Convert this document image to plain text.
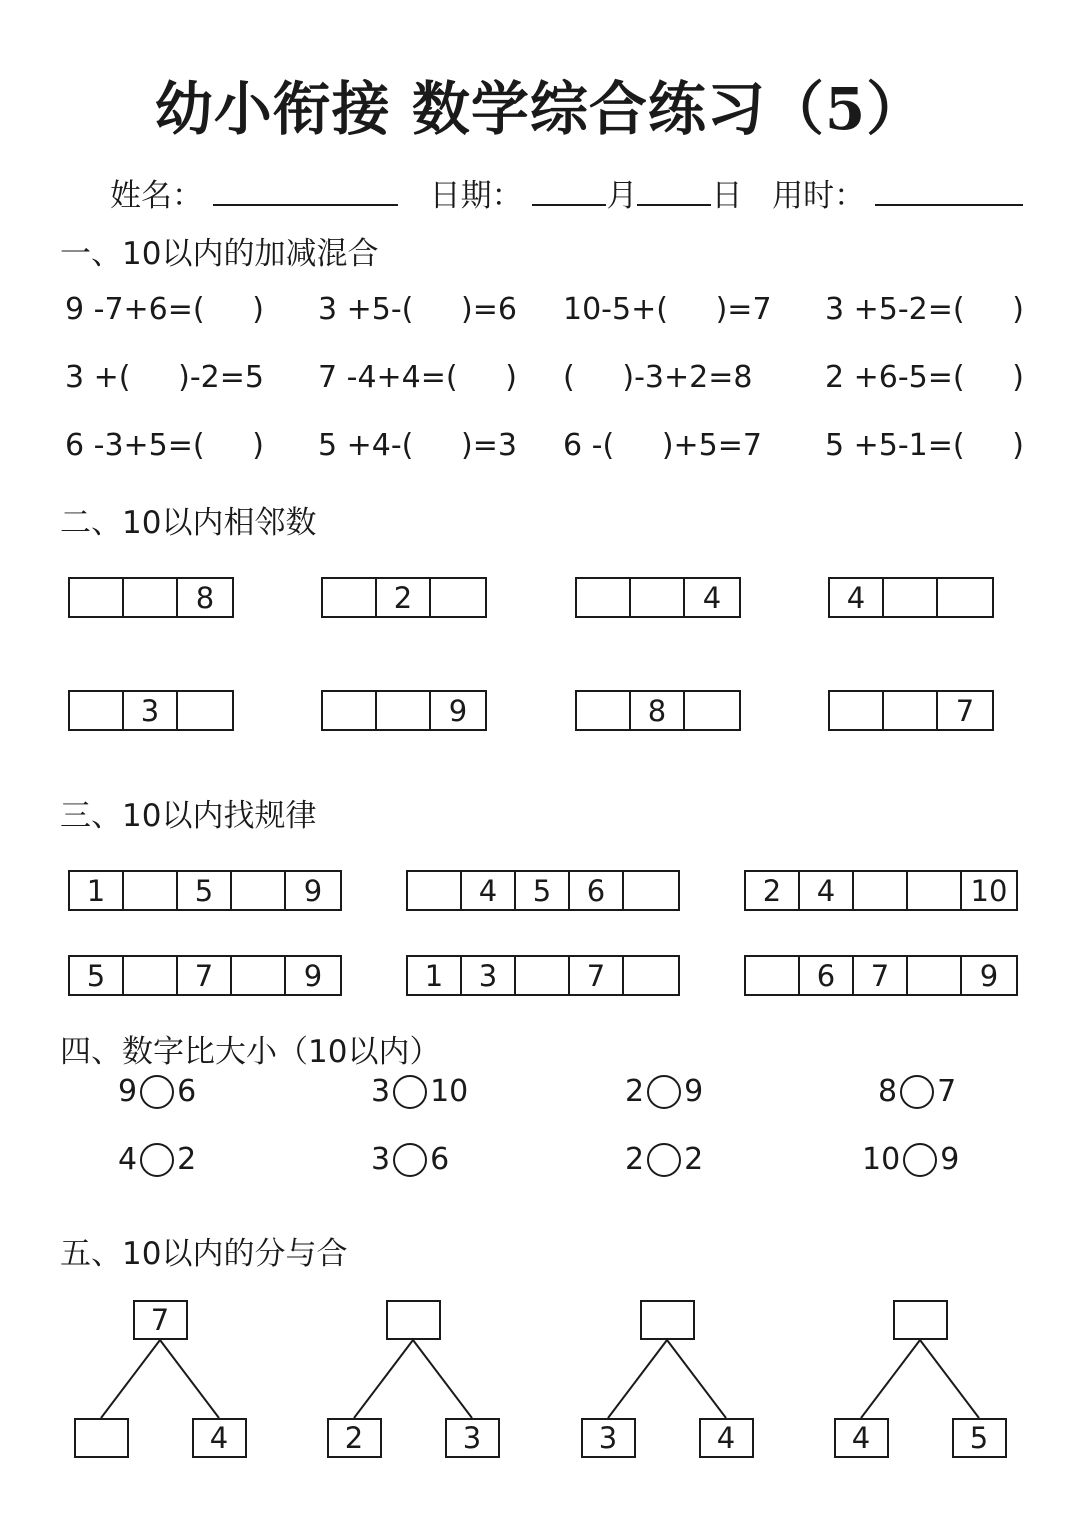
幼小衔接 数学综合练习（5）
姓名：	日期：	月 日 用时：
一、10以内的加减混合
9 -7+6=(     ) 3 +5-(     )=6 10-5+(     )=7 3 +5-2=(     )
3 +(     )-2=5 7 -4+4=(     ) (     )-3+2=8 2 +6-5=(     )
6 -3+5=(     ) 5 +4-(     )=3 6 -(     )+5=7 5 +5-1=(     )
二、10以内相邻数
8	2	4	4
3	9	8	7
三、10以内找规律
1	5	9	4	5	6	2	4	10
5	7	9	1	3	7	6	7	9
四、数字比大小（10以内）
9 6	3 10	2 9	8 7
4 2	3 6	2 2	10 9
五、10以内的分与合
7
4	2	3	3	4	4	5
